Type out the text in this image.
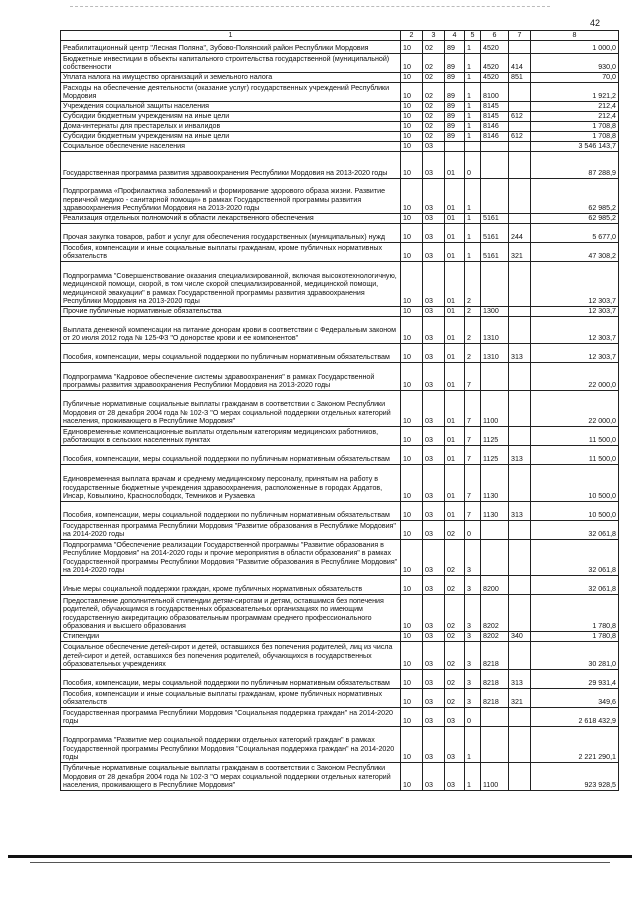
42
1	2	3	4	5	6	7	8
Реабилитационный центр "Лесная Поляна", Зубово-Полянский район Республики Мордовия	10	02	89	1	4520		1 000,0
Бюджетные инвестиции в объекты капитального строительства государственной (муниципальной) собственности	10	02	89	1	4520	414	930,0
Уплата налога на имущество организаций и земельного налога	10	02	89	1	4520	851	70,0
Расходы на обеспечение деятельности (оказание услуг) государственных учреждений Республики Мордовия	10	02	89	1	8100		1 921,2
Учреждения социальной защиты населения	10	02	89	1	8145		212,4
Субсидии бюджетным учреждениям на иные цели	10	02	89	1	8145	612	212,4
Дома-интернаты для престарелых и инвалидов	10	02	89	1	8146		1 708,8
Субсидии бюджетным учреждениям на иные цели	10	02	89	1	8146	612	1 708,8
Социальное обеспечение населения	10	03					3 546 143,7
Государственная программа развития здравоохранения Республики Мордовия на 2013-2020 годы	10	03	01	0			87 288,9
Подпрограмма «Профилактика заболеваний и формирование здорового образа жизни. Развитие первичной медико - санитарной помощи» в рамках Государственной программы развития здравоохранения Республики Мордовия на 2013-2020 годы	10	03	01	1			62 985,2
Реализация отдельных полномочий в области лекарственного обеспечения	10	03	01	1	5161		62 985,2
Прочая закупка товаров, работ и услуг для обеспечения государственных (муниципальных) нужд	10	03	01	1	5161	244	5 677,0
Пособия, компенсации и иные социальные выплаты гражданам, кроме публичных нормативных обязательств	10	03	01	1	5161	321	47 308,2
Подпрограмма "Совершенствование оказания специализированной, включая высокотехнологичную, медицинской помощи, скорой, в том числе скорой специализированной, медицинской помощи, медицинской эвакуации" в рамках Государственной программы развития здравоохранения Республики Мордовия на 2013-2020 годы	10	03	01	2			12 303,7
Прочие публичные нормативные обязательства	10	03	01	2	1300		12 303,7
Выплата денежной компенсации на питание донорам крови в соответствии с Федеральным законом от 20 июля 2012 года № 125-ФЗ "О донорстве крови и ее компонентов"	10	03	01	2	1310		12 303,7
Пособия, компенсации, меры социальной поддержки по публичным нормативным обязательствам	10	03	01	2	1310	313	12 303,7
Подпрограмма "Кадровое обеспечение системы здравоохранения" в рамках Государственной программы развития здравоохранения Республики Мордовия на 2013-2020 годы	10	03	01	7			22 000,0
Публичные нормативные социальные выплаты гражданам в соответствии с Законом Республики Мордовия от 28 декабря 2004 года № 102-З "О мерах социальной поддержки отдельных категорий населения, проживающего в Республике Мордовия"	10	03	01	7	1100		22 000,0
Единовременные компенсационные выплаты отдельным категориям медицинских работников, работающих в сельских населенных пунктах	10	03	01	7	1125		11 500,0
Пособия, компенсации, меры социальной поддержки по публичным нормативным обязательствам	10	03	01	7	1125	313	11 500,0
Единовременная выплата врачам и среднему медицинскому персоналу, принятым на работу в государственные бюджетные учреждения здравоохранения, расположенные в городах Ардатов, Инсар, Ковылкино, Краснослободск, Темников и Рузаевка	10	03	01	7	1130		10 500,0
Пособия, компенсации, меры социальной поддержки по публичным нормативным обязательствам	10	03	01	7	1130	313	10 500,0
Государственная программа Республики Мордовия "Развитие образования в Республике Мордовия" на 2014-2020 годы	10	03	02	0			32 061,8
Подпрограмма "Обеспечение реализации Государственной программы "Развитие образования в Республике Мордовия" на 2014-2020 годы и прочие мероприятия в области образования" в рамках Государственной программы Республики Мордовия "Развитие образования в Республике Мордовия" на 2014-2020 годы	10	03	02	3			32 061,8
Иные меры социальной поддержки граждан, кроме публичных нормативных обязательств	10	03	02	3	8200		32 061,8
Предоставление дополнительной стипендии детям-сиротам и детям, оставшимся без попечения родителей, обучающимся в государственных образовательных организациях по имеющим государственную аккредитацию образовательным программам среднего профессионального образования и высшего образования	10	03	02	3	8202		1 780,8
Стипендии	10	03	02	3	8202	340	1 780,8
Социальное обеспечение детей-сирот и детей, оставшихся без попечения родителей, лиц из числа детей-сирот и детей, оставшихся без попечения родителей, обучающихся в государственных образовательных учреждениях	10	03	02	3	8218		30 281,0
Пособия, компенсации, меры социальной поддержки по публичным нормативным обязательствам	10	03	02	3	8218	313	29 931,4
Пособия, компенсации и иные социальные выплаты гражданам, кроме публичных нормативных обязательств	10	03	02	3	8218	321	349,6
Государственная программа Республики Мордовия "Социальная поддержка граждан" на 2014-2020 годы	10	03	03	0			2 618 432,9
Подпрограмма "Развитие мер социальной поддержки отдельных категорий граждан" в рамках Государственной программы Республики Мордовия "Социальная поддержка граждан" на 2014-2020 годы	10	03	03	1			2 221 290,1
Публичные нормативные социальные выплаты гражданам в соответствии с Законом Республики Мордовия от 28 декабря 2004 года № 102-З "О мерах социальной поддержки отдельных категорий населения, проживающего в Республике Мордовия"	10	03	03	1	1100		923 928,5
